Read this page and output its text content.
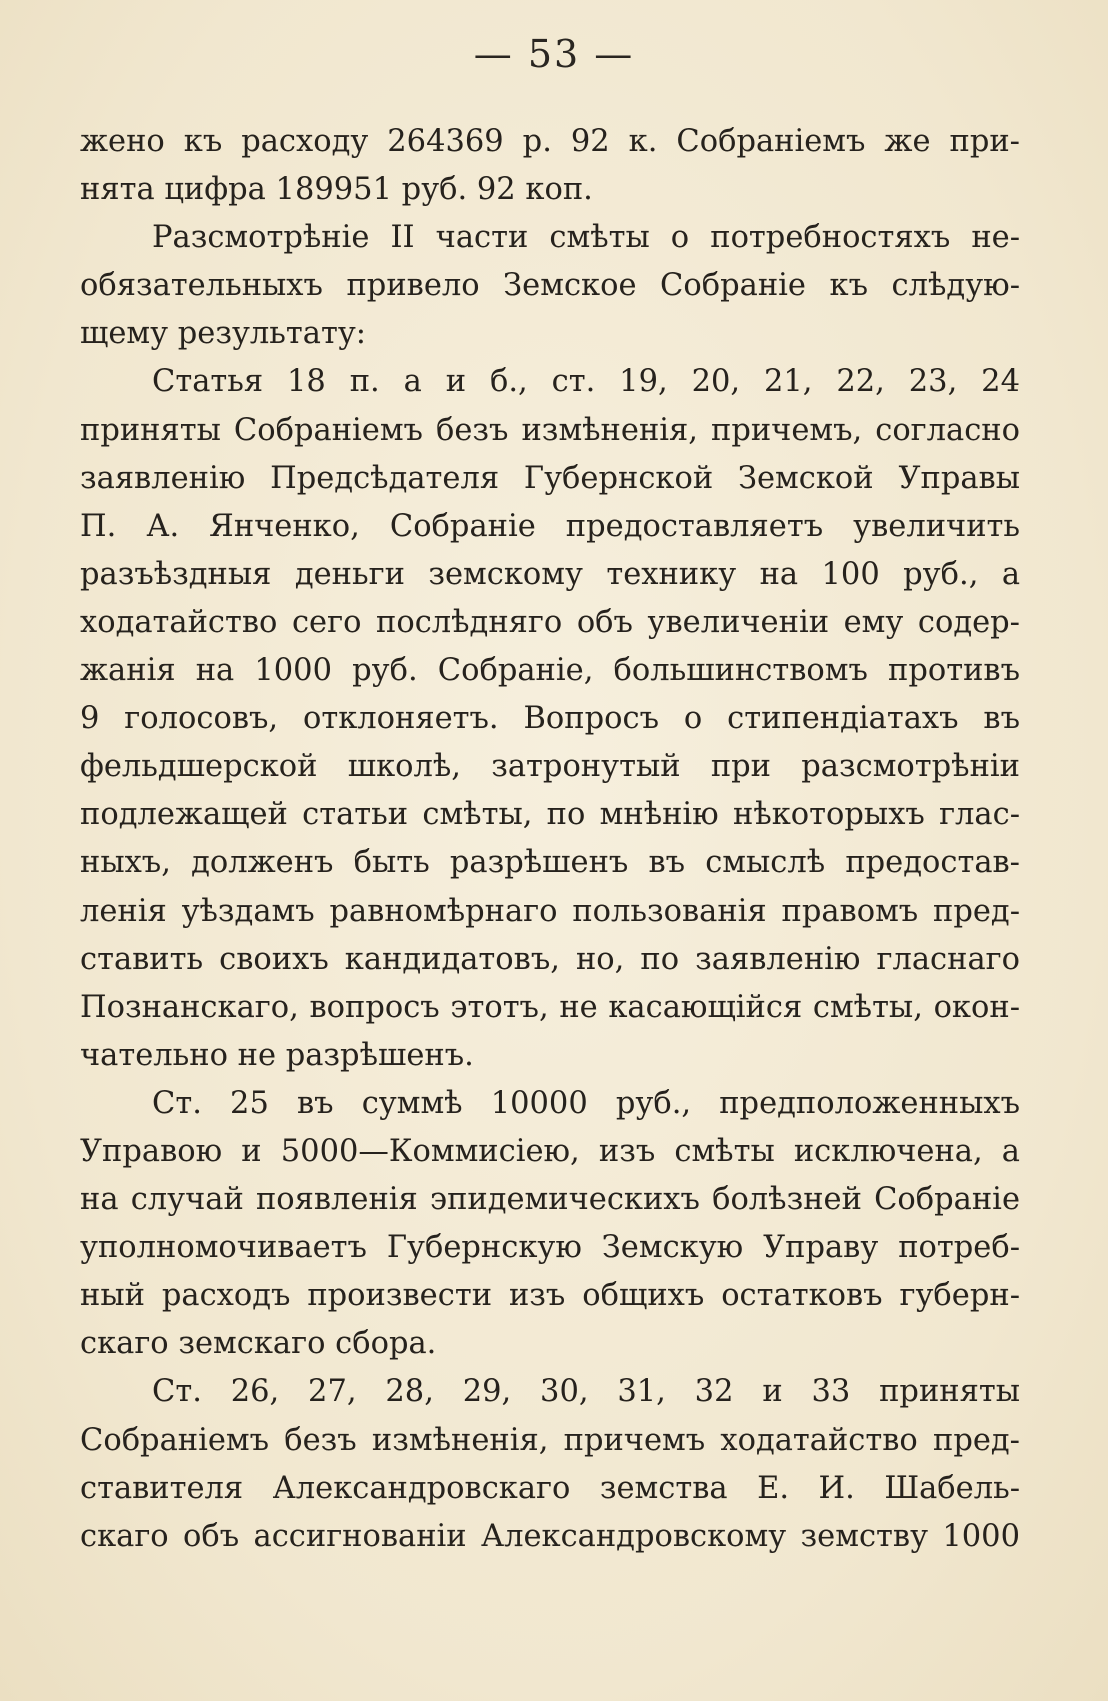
— 53 —
жено къ расходу 264369 р. 92 к. Собраніемъ же при-
нята цифра 189951 руб. 92 коп.
Разсмотрѣніе II части смѣты о потребностяхъ не-
обязательныхъ привело Земское Собраніе къ слѣдую-
щему результату:
Статья 18 п. а и б., ст. 19, 20, 21, 22, 23, 24
приняты Собраніемъ безъ измѣненія, причемъ, согласно
заявленію Предсѣдателя Губернской Земской Управы
П. А. Янченко, Собраніе предоставляетъ увеличить
разъѣздныя деньги земскому технику на 100 руб., а
ходатайство сего послѣдняго объ увеличеніи ему содер-
жанія на 1000 руб. Собраніе, большинствомъ противъ
9 голосовъ, отклоняетъ. Вопросъ о стипендіатахъ въ
фельдшерской школѣ, затронутый при разсмотрѣніи
подлежащей статьи смѣты, по мнѣнію нѣкоторыхъ глас-
ныхъ, долженъ быть разрѣшенъ въ смыслѣ предостав-
ленія уѣздамъ равномѣрнаго пользованія правомъ пред-
ставить своихъ кандидатовъ, но, по заявленію гласнаго
Познанскаго, вопросъ этотъ, не касающійся смѣты, окон-
чательно не разрѣшенъ.
Ст. 25 въ суммѣ 10000 руб., предположенныхъ
Управою и 5000—Коммисіею, изъ смѣты исключена, а
на случай появленія эпидемическихъ болѣзней Собраніе
уполномочиваетъ Губернскую Земскую Управу потреб-
ный расходъ произвести изъ общихъ остатковъ губерн-
скаго земскаго сбора.
Ст. 26, 27, 28, 29, 30, 31, 32 и 33 приняты
Собраніемъ безъ измѣненія, причемъ ходатайство пред-
ставителя Александровскаго земства Е. И. Шабель-
скаго объ ассигнованіи Александровскому земству 1000
